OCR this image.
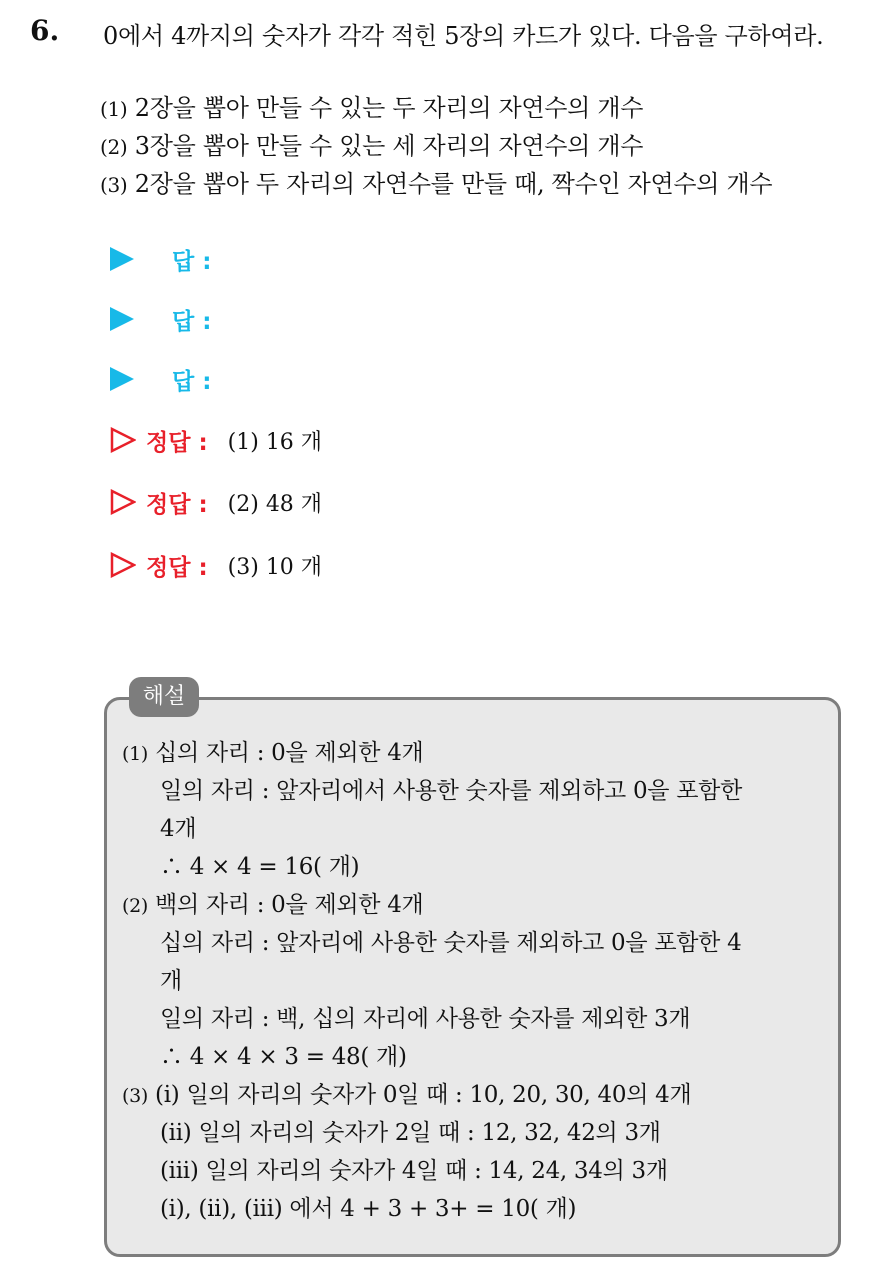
6. 0에서 4까지의 숫자가 각각 적힌 5장의 카드가 있다. 다음을 구하여라.
(1) 2장을 뽑아 만들 수 있는 두 자리의 자연수의 개수
(2) 3장을 뽑아 만들 수 있는 세 자리의 자연수의 개수
(3) 2장을 뽑아 두 자리의 자연수를 만들 때, 짝수인 자연수의 개수
답 :
답 :
답 :
정답 : (1) 16 개
정답 : (2) 48 개
정답 : (3) 10 개
해설
(1) 십의 자리 : 0을 제외한 4개
일의 자리 : 앞자리에서 사용한 숫자를 제외하고 0을 포함한
4개
∴ 4 × 4 = 16( 개)
(2) 백의 자리 : 0을 제외한 4개
십의 자리 : 앞자리에 사용한 숫자를 제외하고 0을 포함한 4
개
일의 자리 : 백, 십의 자리에 사용한 숫자를 제외한 3개
∴ 4 × 4 × 3 = 48( 개)
(3) (i) 일의 자리의 숫자가 0일 때 : 10, 20, 30, 40의 4개
(ii) 일의 자리의 숫자가 2일 때 : 12, 32, 42의 3개
(iii) 일의 자리의 숫자가 4일 때 : 14, 24, 34의 3개
(i), (ii), (iii) 에서 4 + 3 + 3+ = 10( 개)
